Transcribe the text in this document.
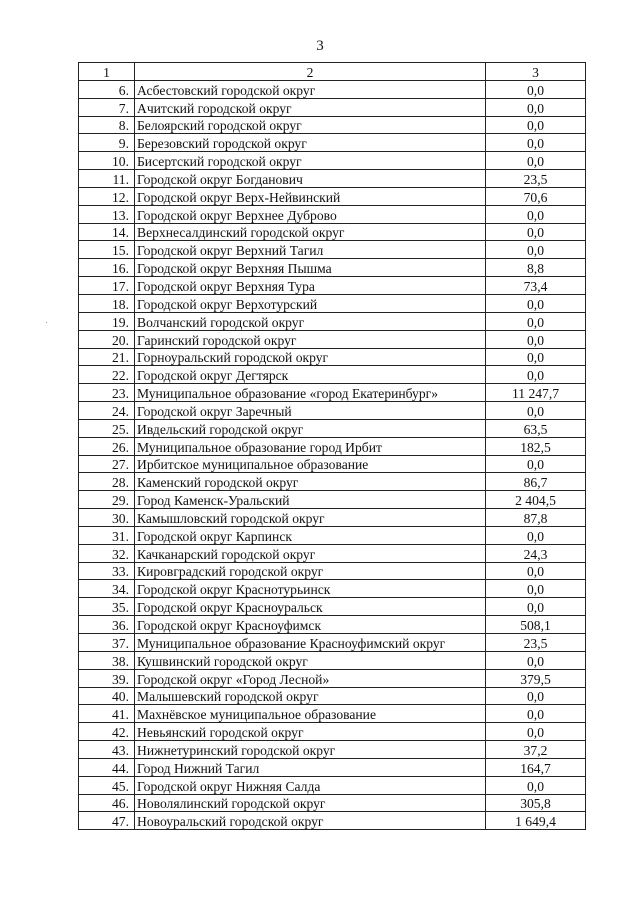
3
1	2	3
6.	Асбестовский городской округ	0,0
7.	Ачитский городской округ	0,0
8.	Белоярский городской округ	0,0
9.	Березовский городской округ	0,0
10.	Бисертский городской округ	0,0
11.	Городской округ Богданович	23,5
12.	Городской округ Верх-Нейвинский	70,6
13.	Городской округ Верхнее Дуброво	0,0
14.	Верхнесалдинский городской округ	0,0
15.	Городской округ Верхний Тагил	0,0
16.	Городской округ Верхняя Пышма	8,8
17.	Городской округ Верхняя Тура	73,4
18.	Городской округ Верхотурский	0,0
19.	Волчанский городской округ	0,0
20.	Гаринский городской округ	0,0
21.	Горноуральский городской округ	0,0
22.	Городской округ Дегтярск	0,0
23.	Муниципальное образование «город Екатеринбург»	11 247,7
24.	Городской округ Заречный	0,0
25.	Ивдельский городской округ	63,5
26.	Муниципальное образование город Ирбит	182,5
27.	Ирбитское муниципальное образование	0,0
28.	Каменский городской округ	86,7
29.	Город Каменск-Уральский	2 404,5
30.	Камышловский городской округ	87,8
31.	Городской округ Карпинск	0,0
32.	Качканарский городской округ	24,3
33.	Кировградский городской округ	0,0
34.	Городской округ Краснотурьинск	0,0
35.	Городской округ Красноуральск	0,0
36.	Городской округ Красноуфимск	508,1
37.	Муниципальное образование Красноуфимский округ	23,5
38.	Кушвинский городской округ	0,0
39.	Городской округ «Город Лесной»	379,5
40.	Малышевский городской округ	0,0
41.	Махнёвское муниципальное образование	0,0
42.	Невьянский городской округ	0,0
43.	Нижнетуринский городской округ	37,2
44.	Город Нижний Тагил	164,7
45.	Городской округ Нижняя Салда	0,0
46.	Новолялинский городской округ	305,8
47.	Новоуральский городской округ	1 649,4
